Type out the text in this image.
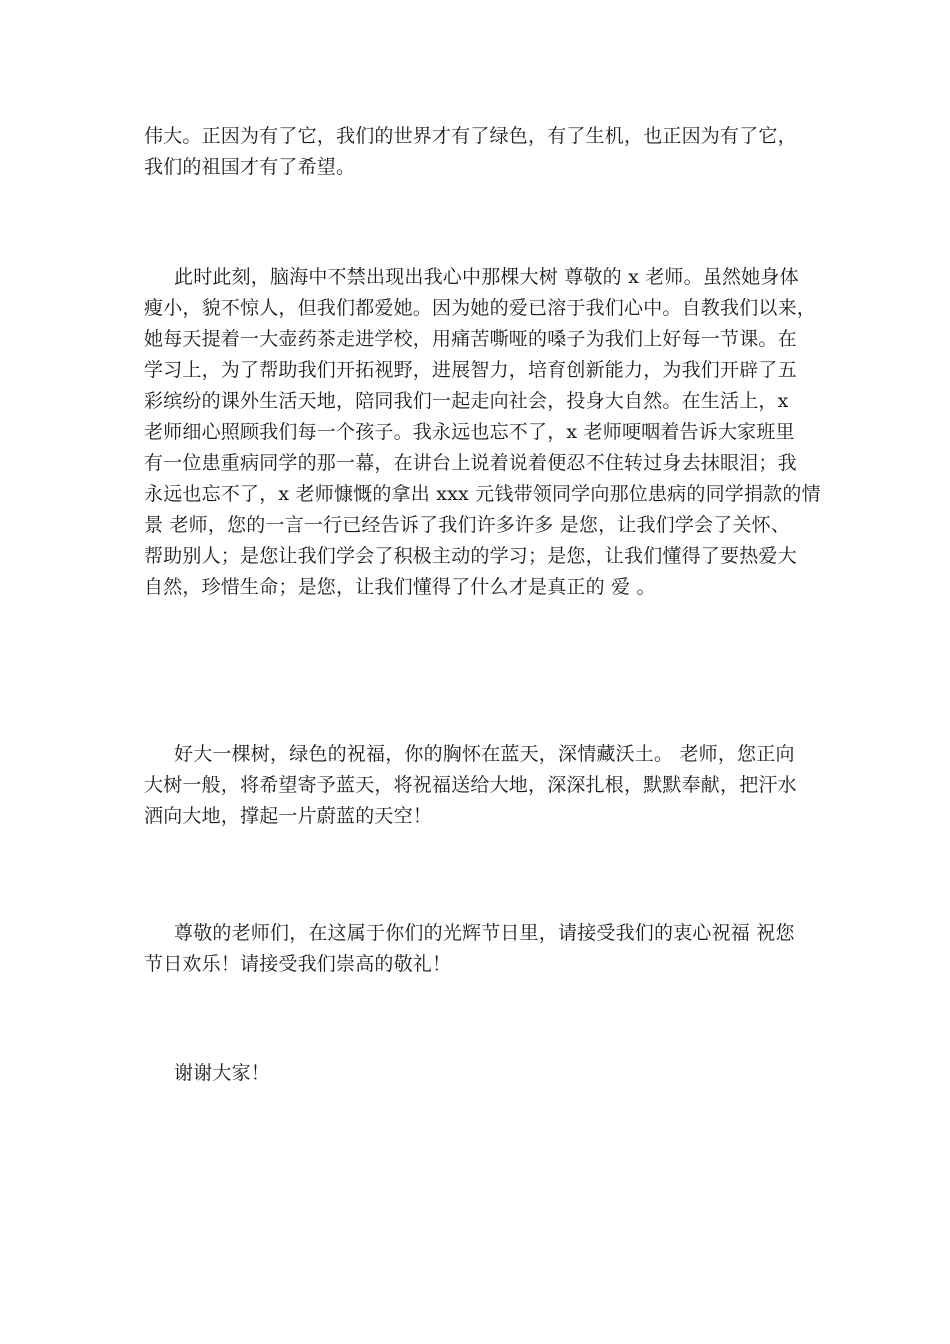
伟大。正因为有了它，我们的世界才有了绿色，有了生机，也正因为有了它，
我们的祖国才有了希望。
此时此刻，脑海中不禁出现出我心中那棵大树 尊敬的 x 老师。虽然她身体
瘦小，貌不惊人，但我们都爱她。因为她的爱已溶于我们心中。自教我们以来，
她每天提着一大壶药茶走进学校，用痛苦嘶哑的嗓子为我们上好每一节课。在
学习上，为了帮助我们开拓视野，进展智力，培育创新能力，为我们开辟了五
彩缤纷的课外生活天地，陪同我们一起走向社会，投身大自然。在生活上，x
老师细心照顾我们每一个孩子。我永远也忘不了，x 老师哽咽着告诉大家班里
有一位患重病同学的那一幕，在讲台上说着说着便忍不住转过身去抹眼泪；我
永远也忘不了，x 老师慷慨的拿出 xxx 元钱带领同学向那位患病的同学捐款的情
景 老师，您的一言一行已经告诉了我们许多许多 是您，让我们学会了关怀、
帮助别人；是您让我们学会了积极主动的学习；是您，让我们懂得了要热爱大
自然，珍惜生命；是您，让我们懂得了什么才是真正的 爱 。
好大一棵树，绿色的祝福，你的胸怀在蓝天，深情藏沃土。 老师，您正向
大树一般，将希望寄予蓝天，将祝福送给大地，深深扎根，默默奉献，把汗水
洒向大地，撑起一片蔚蓝的天空！
尊敬的老师们，在这属于你们的光辉节日里，请接受我们的衷心祝福 祝您
节日欢乐！请接受我们崇高的敬礼！
谢谢大家！
